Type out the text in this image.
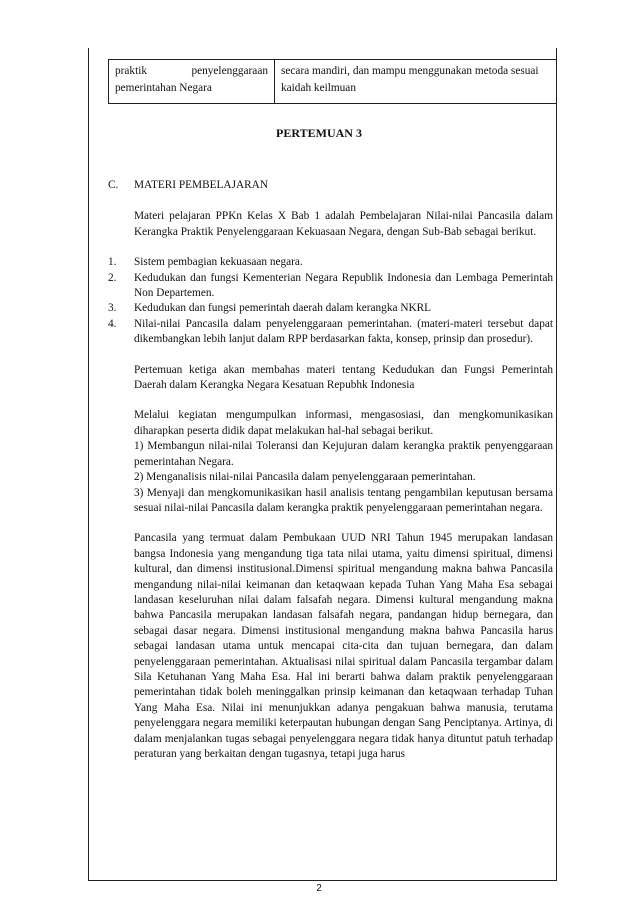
praktik penyelenggaraan pemerintahan Negara
secara mandiri, dan mampu menggunakan metoda sesuai kaidah keilmuan
PERTEMUAN 3
C. MATERI PEMBELAJARAN

Materi pelajaran PPKn Kelas X Bab 1 adalah Pembelajaran Nilai-nilai Pancasila dalam Kerangka Praktik Penyelenggaraan Kekuasaan Negara, dengan Sub-Bab sebagai berikut.

1. Sistem pembagian kekuasaan negara.
2. Kedudukan dan fungsi Kementerian Negara Republik Indonesia dan Lembaga Pemerintah Non Departemen.
3. Kedudukan dan fungsi pemerintah daerah dalam kerangka NKRL
4. Nilai-nilai Pancasila dalam penyelenggaraan pemerintahan. (materi-materi tersebut dapat dikembangkan lebih lanjut dalam RPP berdasarkan fakta, konsep, prinsip dan prosedur).

Pertemuan ketiga akan membahas materi tentang Kedudukan dan Fungsi Pemerintah Daerah dalam Kerangka Negara Kesatuan Repubhk Indonesia

Melalui kegiatan mengumpulkan informasi, mengasosiasi, dan mengkomunikasikan diharapkan peserta didik dapat melakukan hal-hal sebagai berikut.
1) Membangun nilai-nilai Toleransi dan Kejujuran dalam kerangka praktik penyenggaraan pemerintahan Negara.
2) Menganalisis nilai-nilai Pancasila dalam penyelenggaraan pemerintahan.
3) Menyaji dan mengkomunikasikan hasil analisis tentang pengambilan keputusan bersama sesuai nilai-nilai Pancasila dalam kerangka praktik penyelenggaraan pemerintahan negara.

Pancasila yang termuat dalam Pembukaan UUD NRI Tahun 1945 merupakan landasan bangsa Indonesia yang mengandung tiga tata nilai utama, yaitu dimensi spiritual, dimensi kultural, dan dimensi institusional.Dimensi spiritual mengandung makna bahwa Pancasila mengandung nilai-nilai keimanan dan ketaqwaan kepada Tuhan Yang Maha Esa sebagai landasan keseluruhan nilai dalam falsafah negara. Dimensi kultural mengandung makna bahwa Pancasila merupakan landasan falsafah negara, pandangan hidup bernegara, dan sebagai dasar negara. Dimensi institusional mengandung makna bahwa Pancasila harus sebagai landasan utama untuk mencapai cita-cita dan tujuan bernegara, dan dalam penyelenggaraan pemerintahan. Aktualisasi nilai spiritual dalam Pancasila tergambar dalam Sila Ketuhanan Yang Maha Esa. Hal ini berarti bahwa dalam praktik penyelenggaraan pemerintahan tidak boleh meninggalkan prinsip keimanan dan ketaqwaan terhadap Tuhan Yang Maha Esa. Nilai ini menunjukkan adanya pengakuan bahwa manusia, terutama penyelenggara negara memiliki keterpautan hubungan dengan Sang Penciptanya. Artinya, di dalam menjalankan tugas sebagai penyelenggara negara tidak hanya dituntut patuh terhadap peraturan yang berkaitan dengan tugasnya, tetapi juga harus

2
